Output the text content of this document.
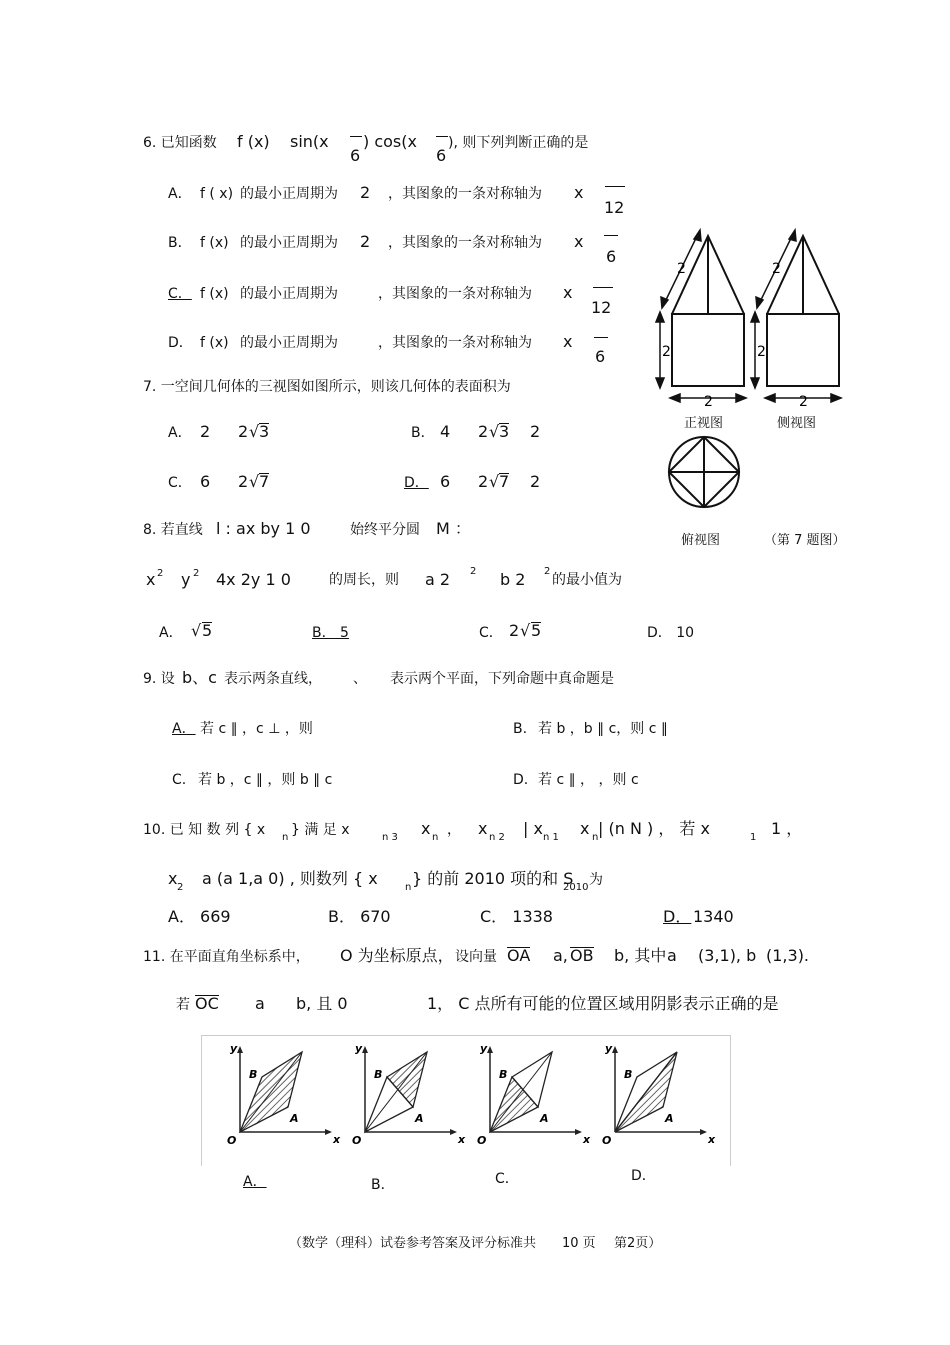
6. 已知函数 f (x) sin(x
6
) cos(x
6
), 则下列判断正确的是
A． f ( x) 的最小正周期为 2 ，其图象的一条对称轴为 x
12
B． f (x) 的最小正周期为 2 ，其图象的一条对称轴为 x
6
C． f (x) 的最小正周期为	，其图象的一条对称轴为 x
12
D． f (x) 的最小正周期为	，其图象的一条对称轴为 x
6
7. 一空间几何体的三视图如图所示，则该几何体的表面积为
A． 2 2 √ 3	B． 4 2 √ 3 2
C． 6 2 √ 7	D． 6 2 √ 7 2
2	2
2	2
2	2
正视图	侧视图
俯视图	（第 7 题图）
8. 若直线 l : ax by 1 0	始终平分圆 M ：
x 2 y 2 4x 2y 1 0	的周长，则 a 2 2 b 2 2
的最小值为
A． √ 5	B． 5	C． 2 √ 5	D． 10
9. 设 b、c 表示两条直线， 、 表示两个平面，下列命题中真命题是
A． 若 c ∥ ，c ⊥ ，则	B. 若 b ，b ∥ c，则 c ∥
C. 若 b ，c ∥ ，则 b ∥ c	D. 若 c ∥ ， ，则 c
10. 已 知 数 列 { x n } 满 足 x	n 3 x n ， x n 2 | x n 1 x n | (n N ) ， 若 x	1 1 ，
x 2 a (a 1,a 0) , 则数列 { x	n } 的前 2010 项的和 S
2010 为
A． 669	B． 670	C． 1338	D． 1340
11. 在平面直角坐标系中， O 为坐标原点， 设向量 OA a, OB b, 其中 a (3,1), b (1,3).
若 OC a b, 且 0	1， C 点所有可能的位置区域用阴影表示正确的是
y
x
O
B
A
y
x
O
B
A
y
x
O
B
A
y
x
O
B
A
A．	B．	C．	D．
（数学（理科）试卷参考答案及评分标准共 10 页 第2页）
